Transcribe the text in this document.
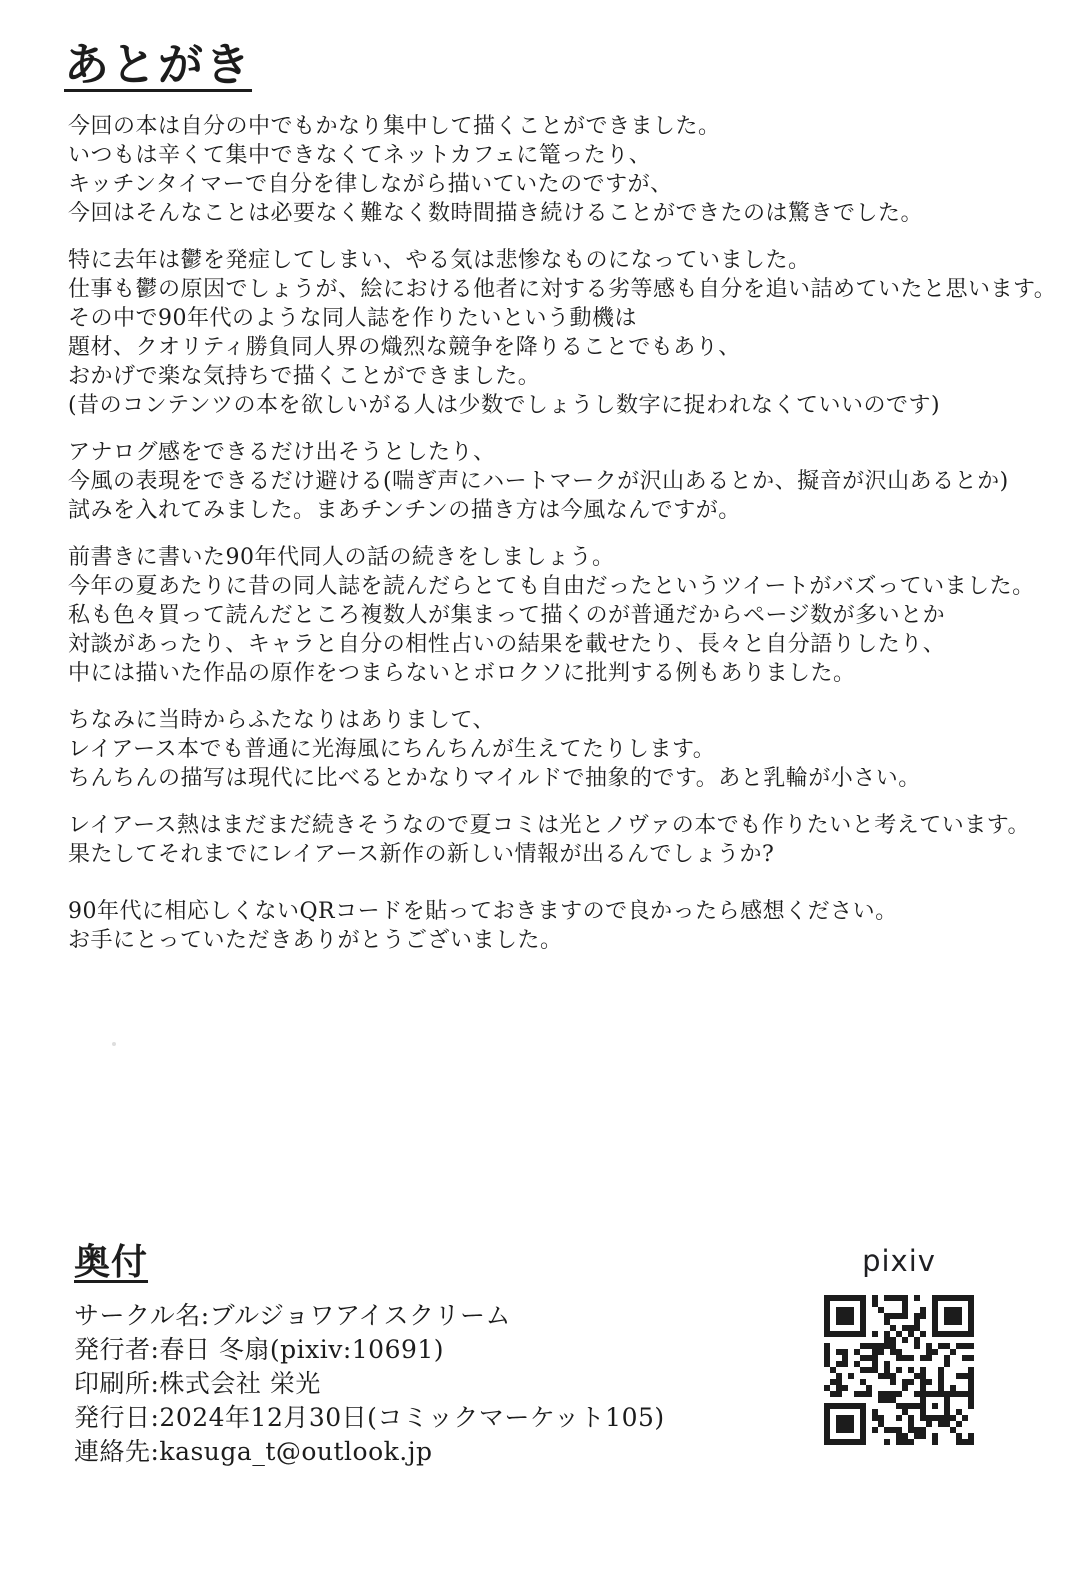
あとがき
今回の本は自分の中でもかなり集中して描くことができました。
いつもは辛くて集中できなくてネットカフェに篭ったり、
キッチンタイマーで自分を律しながら描いていたのですが、
今回はそんなことは必要なく難なく数時間描き続けることができたのは驚きでした。
特に去年は鬱を発症してしまい、やる気は悲惨なものになっていました。
仕事も鬱の原因でしょうが、絵における他者に対する劣等感も自分を追い詰めていたと思います。
その中で90年代のような同人誌を作りたいという動機は
題材、クオリティ勝負同人界の熾烈な競争を降りることでもあり、
おかげで楽な気持ちで描くことができました。
(昔のコンテンツの本を欲しいがる人は少数でしょうし数字に捉われなくていいのです)
アナログ感をできるだけ出そうとしたり、
今風の表現をできるだけ避ける(喘ぎ声にハートマークが沢山あるとか、擬音が沢山あるとか)
試みを入れてみました。まあチンチンの描き方は今風なんですが。
前書きに書いた90年代同人の話の続きをしましょう。
今年の夏あたりに昔の同人誌を読んだらとても自由だったというツイートがバズっていました。
私も色々買って読んだところ複数人が集まって描くのが普通だからページ数が多いとか
対談があったり、キャラと自分の相性占いの結果を載せたり、長々と自分語りしたり、
中には描いた作品の原作をつまらないとボロクソに批判する例もありました。
ちなみに当時からふたなりはありまして、
レイアース本でも普通に光海風にちんちんが生えてたりします。
ちんちんの描写は現代に比べるとかなりマイルドで抽象的です。あと乳輪が小さい。
レイアース熱はまだまだ続きそうなので夏コミは光とノヴァの本でも作りたいと考えています。
果たしてそれまでにレイアース新作の新しい情報が出るんでしょうか?
90年代に相応しくないQRコードを貼っておきますので良かったら感想ください。
お手にとっていただきありがとうございました。
奥付
サークル名:ブルジョワアイスクリーム
発行者:春日 冬扇(pixiv:10691)
印刷所:株式会社 栄光
発行日:2024年12月30日(コミックマーケット105)
連絡先:kasuga_t@outlook.jp
pixiv
